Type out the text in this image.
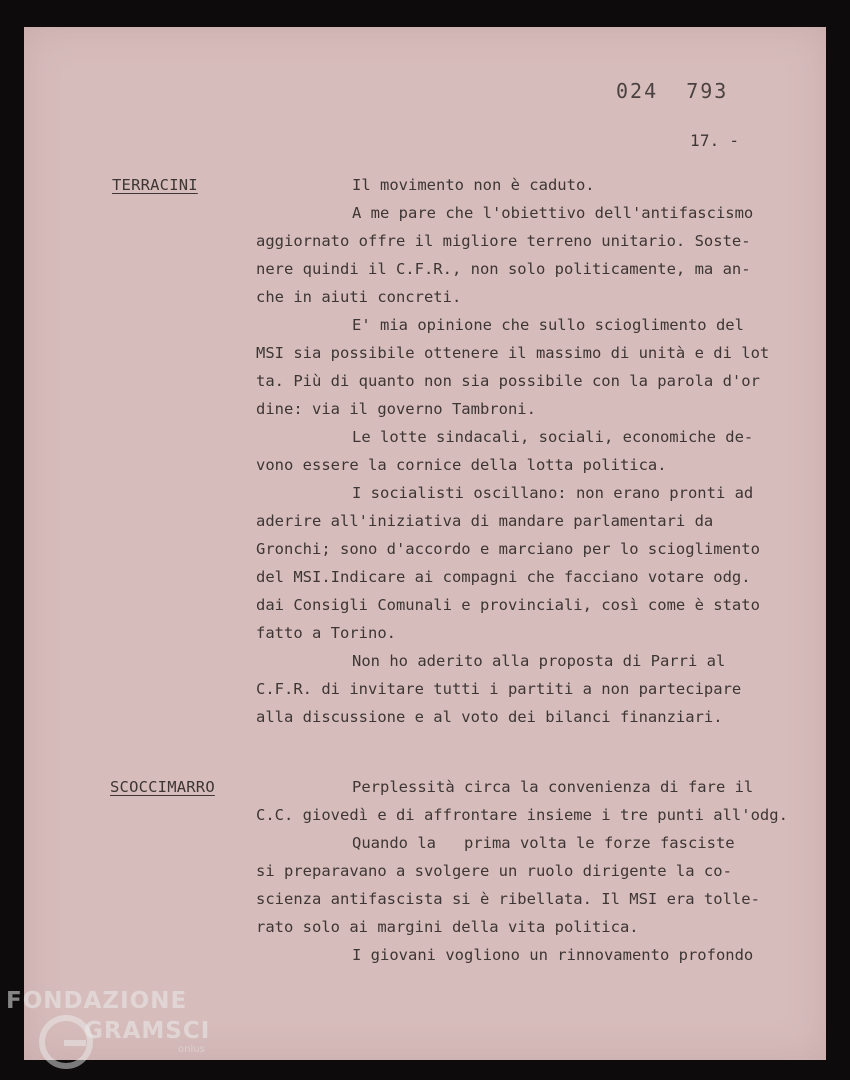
024  793
17. -
TERRACINI	Il movimento non è caduto.
A me pare che l'obiettivo dell'antifascismo
aggiornato offre il migliore terreno unitario. Soste-
nere quindi il C.F.R., non solo politicamente, ma an-
che in aiuti concreti.
E' mia opinione che sullo scioglimento del
MSI sia possibile ottenere il massimo di unità e di lot
ta. Più di quanto non sia possibile con la parola d'or
dine: via il governo Tambroni.
Le lotte sindacali, sociali, economiche de-
vono essere la cornice della lotta politica.
I socialisti oscillano: non erano pronti ad
aderire all'iniziativa di mandare parlamentari da
Gronchi; sono d'accordo e marciano per lo scioglimento
del MSI.Indicare ai compagni che facciano votare odg.
dai Consigli Comunali e provinciali, così come è stato
fatto a Torino.
Non ho aderito alla proposta di Parri al
C.F.R. di invitare tutti i partiti a non partecipare
alla discussione e al voto dei bilanci finanziari.
SCOCCIMARRO	Perplessità circa la convenienza di fare il
C.C. giovedì e di affrontare insieme i tre punti all'odg.
Quando la   prima volta le forze fasciste
si preparavano a svolgere un ruolo dirigente la co-
scienza antifascista si è ribellata. Il MSI era tolle-
rato solo ai margini della vita politica.
I giovani vogliono un rinnovamento profondo
FONDAZIONE
GRAMSCI
onlus
